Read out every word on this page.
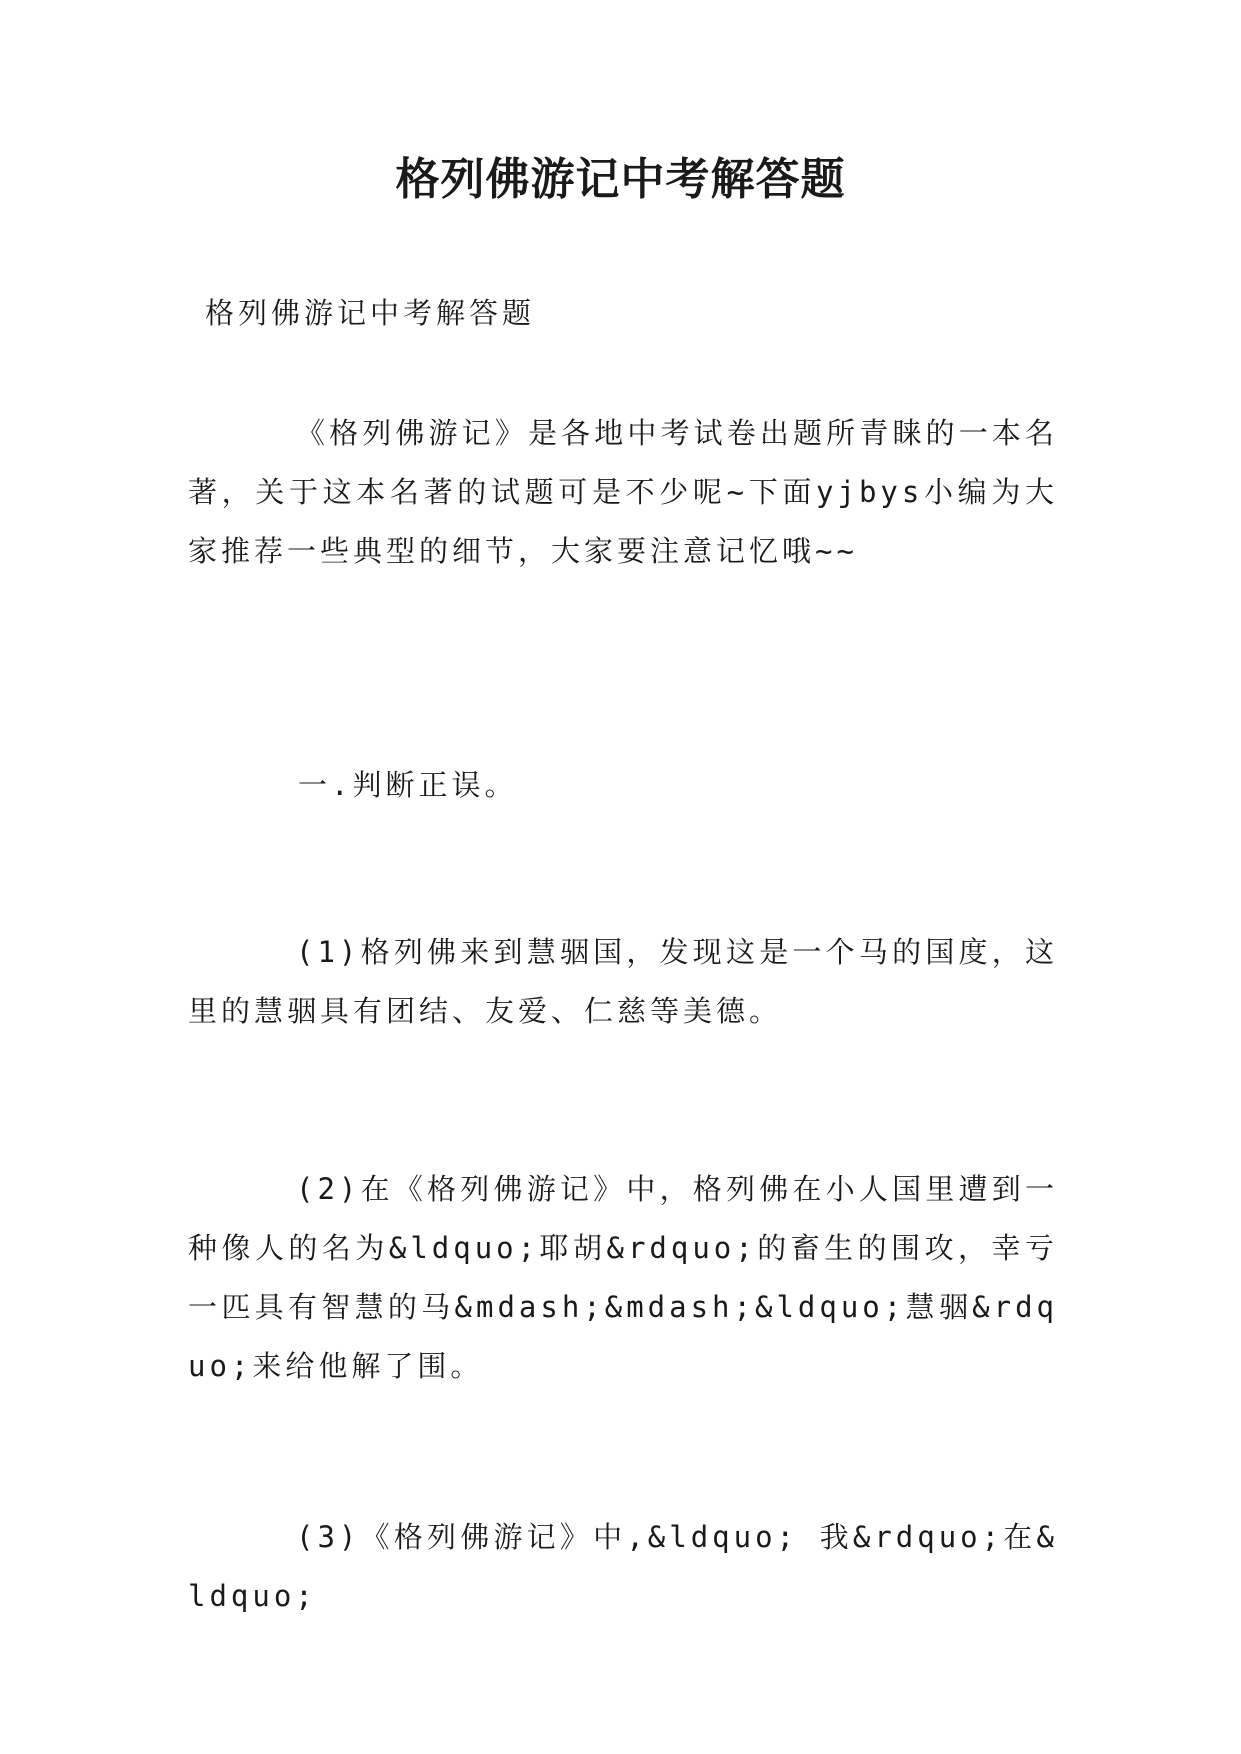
格列佛游记中考解答题

格列佛游记中考解答题

《格列佛游记》是各地中考试卷出题所青睐的一本名著，关于这本名著的试题可是不少呢~下面yjbys小编为大家推荐一些典型的细节，大家要注意记忆哦~~

一.判断正误。

(1)格列佛来到慧骃国，发现这是一个马的国度，这里的慧骃具有团结、友爱、仁慈等美德。

(2)在《格列佛游记》中，格列佛在小人国里遭到一种像人的名为&ldquo;耶胡&rdquo;的畜生的围攻，幸亏一匹具有智慧的马&mdash;&mdash;&ldquo;慧骃&rdquo;来给他解了围。

(3)《格列佛游记》中,&ldquo; 我&rdquo;在&ldquo;
